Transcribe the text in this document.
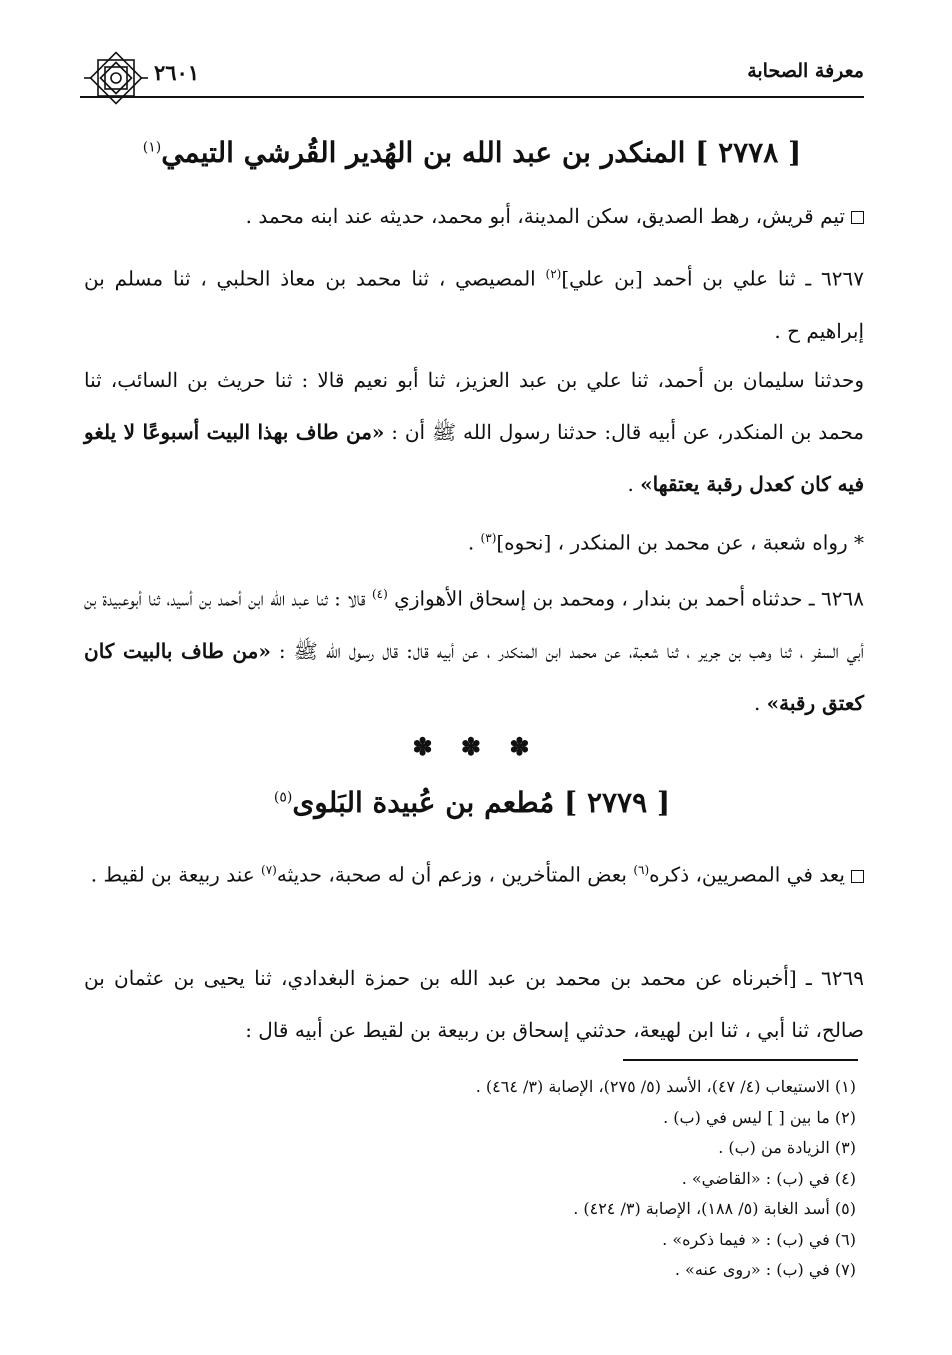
معرفة الصحابة
٢٦٠١
[ ٢٧٧٨ ] المنكدر بن عبد الله بن الهُدير القُرشي التيمي$^{(١)}$
تيم قريش، رهط الصديق، سكن المدينة، أبو محمد، حديثه عند ابنه محمد .
٦٢٦٧ ـ ثنا علي بن أحمد [بن علي]$^{(٢)}$ المصيصي ، ثنا محمد بن معاذ الحلبي ، ثنا مسلم بن إبراهيم ح .
وحدثنا سليمان بن أحمد، ثنا علي بن عبد العزيز، ثنا أبو نعيم قالا : ثنا حريث بن السائب، ثنا محمد بن المنكدر، عن أبيه قال: حدثنا رسول الله ﷺ أن : «من طاف بهذا البيت أسبوعًا لا يلغو فيه كان كعدل رقبة يعتقها» .
* رواه شعبة ، عن محمد بن المنكدر ، [نحوه]$^{(٣)}$ .
٦٢٦٨ ـ حدثناه أحمد بن بندار ، ومحمد بن إسحاق الأهوازي $^{(٤)}$ قالا : ثنا عبد الله ابن أحمد بن أسيد، ثنا أبوعبيدة بن أبي السفر ، ثنا وهب بن جرير ، ثنا شعبة، عن محمد ابن المنكدر ، عن أبيه قال: قال رسول الله ﷺ : «من طاف بالبيت كان كعتق رقبة» .
✽ ✽ ✽
[ ٢٧٧٩ ] مُطعم بن عُبيدة البَلوى$^{(٥)}$
يعد في المصريين، ذكره$^{(٦)}$ بعض المتأخرين ، وزعم أن له صحبة، حديثه$^{(٧)}$ عند ربيعة بن لقيط .
٦٢٦٩ ـ [أخبرناه عن محمد بن محمد بن عبد الله بن حمزة البغدادي، ثنا يحيى بن عثمان بن صالح، ثنا أبي ، ثنا ابن لهيعة، حدثني إسحاق بن ربيعة بن لقيط عن أبيه قال :
(١) الاستيعاب (٤/ ٤٧)، الأسد (٥/ ٢٧٥)، الإصابة (٣/ ٤٦٤) .
(٢) ما بين [ ] ليس في (ب) .
(٣) الزيادة من (ب) .
(٤) في (ب) : «القاضي» .
(٥) أسد الغابة (٥/ ١٨٨)، الإصابة (٣/ ٤٢٤) .
(٦) في (ب) : « فيما ذكره» .
(٧) في (ب) : «روى عنه» .
